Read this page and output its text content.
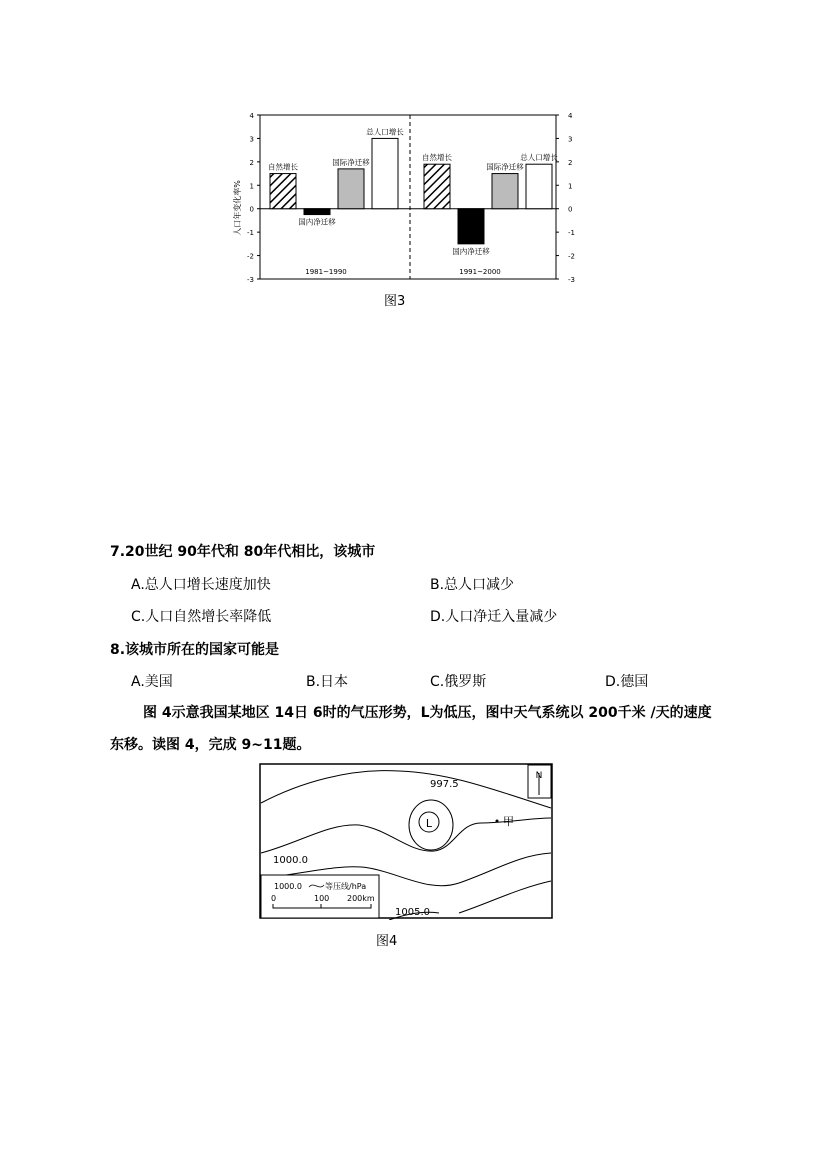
4	4
3	3
2	2
1	1
0	0
-1	-1
-2	-2
-3	-3
自然增长
国内净迁移
国际净迁移
总人口增长
1981~1990
自然增长
国内净迁移
国际净迁移
总人口增长
1991~2000
人口年变化率%
图3
7.20世纪 90年代和 80年代相比，该城市
A.总人口增长速度加快	B.总人口减少
C.人口自然增长率降低	D.人口净迁入量减少
8.该城市所在的国家可能是
A.美国	B.日本	C.俄罗斯	D.德国
图 4示意我国某地区 14日 6时的气压形势，L为低压，图中天气系统以 200千米 /天的速度
东移。读图 4，完成 9~11题。
L
997.5
1000.0
1005.0
甲
N
1000.0	等压线/hPa
0	100 200km
图4
